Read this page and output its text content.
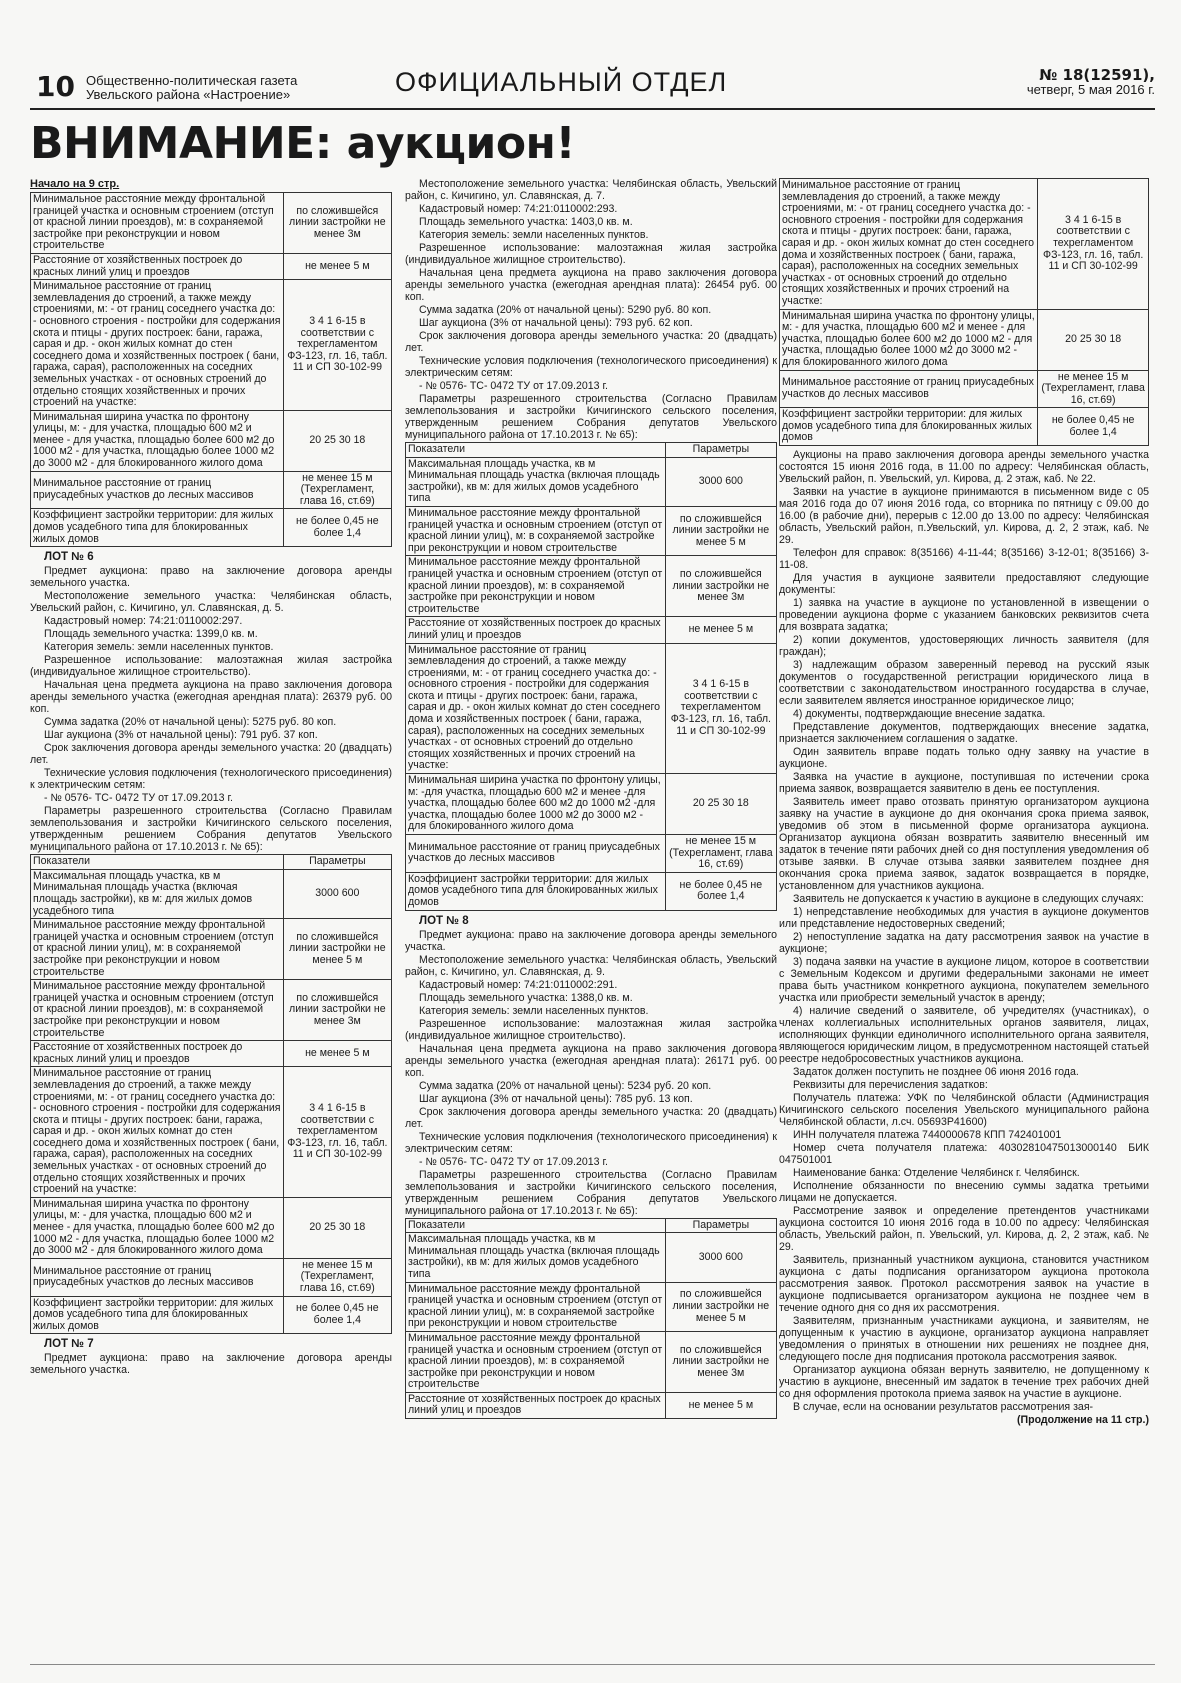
10 Общественно-политическая газета
Увельского района «Настроение»	ОФИЦИАЛЬНЫЙ ОТДЕЛ	№ 18(12591),
четверг, 5 мая 2016 г.
ВНИМАНИЕ: аукцион!
Начало на 9 стр.
Минимальное расстояние между фронтальной границей участка и основным строением (отступ от красной линии проездов), м: в сохраняемой застройке при реконструкции и новом строительстве	по сложившейся линии застройки не менее 3м
Расстояние от хозяйственных построек до красных линий улиц и проездов	не менее 5 м
Минимальное расстояние от границ землевладения до строений, а также между строениями, м: - от границ соседнего участка до: - основного строения - постройки для содержания скота и птицы - других построек: бани, гаража, сарая и др. - окон жилых комнат до стен соседнего дома и хозяйственных построек ( бани, гаража, сарая), расположенных на соседних земельных участках - от основных строений до отдельно стоящих хозяйственных и прочих строений на участке:	3 4 1 6-15 в соответствии с техрегламентом ФЗ-123, гл. 16, табл. 11 и СП 30-102-99
Минимальная ширина участка по фронтону улицы, м: - для участка, площадью 600 м2 и менее - для участка, площадью более 600 м2 до 1000 м2 - для участка, площадью более 1000 м2 до 3000 м2 - для блокированного жилого дома	20 25 30 18
Минимальное расстояние от границ приусадебных участков до лесных массивов	не менее 15 м (Техрегламент, глава 16, ст.69)
Коэффициент застройки территории: для жилых домов усадебного типа для блокированных жилых домов	не более 0,45 не более 1,4
ЛОТ № 6

Предмет аукциона: право на заключение договора аренды земельного участка.

Местоположение земельного участка: Челябинская область, Увельский район, с. Кичигино, ул. Славянская, д. 5.

Кадастровый номер: 74:21:0110002:297.

Площадь земельного участка: 1399,0 кв. м.

Категория земель: земли населенных пунктов.

Разрешенное использование: малоэтажная жилая застройка (индивидуальное жилищное строительство).

Начальная цена предмета аукциона на право заключения договора аренды земельного участка (ежегодная арендная плата): 26379 руб. 00 коп.

Сумма задатка (20% от начальной цены): 5275 руб. 80 коп.

Шаг аукциона (3% от начальной цены): 791 руб. 37 коп.

Срок заключения договора аренды земельного участка: 20 (двадцать) лет.

Технические условия подключения (технологического присоединения) к электрическим сетям:

- № 0576- ТС- 0472 ТУ от 17.09.2013 г.

Параметры разрешенного строительства (Согласно Правилам землепользования и застройки Кичигинского сельского поселения, утвержденным решением Собрания депутатов Увельского муниципального района от 17.10.2013 г. № 65):

Показатели	Параметры
Максимальная площадь участка, кв м Минимальная площадь участка (включая площадь застройки), кв м: для жилых домов усадебного типа	3000 600
Минимальное расстояние между фронтальной границей участка и основным строением (отступ от красной линии улиц), м: в сохраняемой застройке при реконструкции и новом строительстве	по сложившейся линии застройки не менее 5 м
Минимальное расстояние между фронтальной границей участка и основным строением (отступ от красной линии проездов), м: в сохраняемой застройке при реконструкции и новом строительстве	по сложившейся линии застройки не менее 3м
Расстояние от хозяйственных построек до красных линий улиц и проездов	не менее 5 м
Минимальное расстояние от границ землевладения до строений, а также между строениями, м: - от границ соседнего участка до: - основного строения - постройки для содержания скота и птицы - других построек: бани, гаража, сарая и др. - окон жилых комнат до стен соседнего дома и хозяйственных построек ( бани, гаража, сарая), расположенных на соседних земельных участках - от основных строений до отдельно стоящих хозяйственных и прочих строений на участке:	3 4 1 6-15 в соответствии с техрегламентом ФЗ-123, гл. 16, табл. 11 и СП 30-102-99
Минимальная ширина участка по фронтону улицы, м: - для участка, площадью 600 м2 и менее - для участка, площадью более 600 м2 до 1000 м2 - для участка, площадью более 1000 м2 до 3000 м2 - для блокированного жилого дома	20 25 30 18
Минимальное расстояние от границ приусадебных участков до лесных массивов	не менее 15 м (Техрегламент, глава 16, ст.69)
Коэффициент застройки территории: для жилых домов усадебного типа для блокированных жилых домов	не более 0,45 не более 1,4
ЛОТ № 7

Предмет аукциона: право на заключение договора аренды земельного участка.

Местоположение земельного участка: Челябинская область, Увельский район, с. Кичигино, ул. Славянская, д. 7.

Кадастровый номер: 74:21:0110002:293.

Площадь земельного участка: 1403,0 кв. м.

Категория земель: земли населенных пунктов.

Разрешенное использование: малоэтажная жилая застройка (индивидуальное жилищное строительство).

Начальная цена предмета аукциона на право заключения договора аренды земельного участка (ежегодная арендная плата): 26454 руб. 00 коп.

Сумма задатка (20% от начальной цены): 5290 руб. 80 коп.

Шаг аукциона (3% от начальной цены): 793 руб. 62 коп.

Срок заключения договора аренды земельного участка: 20 (двадцать) лет.

Технические условия подключения (технологического присоединения) к электрическим сетям:

- № 0576- ТС- 0472 ТУ от 17.09.2013 г.

Параметры разрешенного строительства (Согласно Правилам землепользования и застройки Кичигинского сельского поселения, утвержденным решением Собрания депутатов Увельского муниципального района от 17.10.2013 г. № 65):

Показатели	Параметры
Максимальная площадь участка, кв м Минимальная площадь участка (включая площадь застройки), кв м: для жилых домов усадебного типа	3000 600
Минимальное расстояние между фронтальной границей участка и основным строением (отступ от красной линии улиц), м: в сохраняемой застройке при реконструкции и новом строительстве	по сложившейся линии застройки не менее 5 м
Минимальное расстояние между фронтальной границей участка и основным строением (отступ от красной линии проездов), м: в сохраняемой застройке при реконструкции и новом строительстве	по сложившейся линии застройки не менее 3м
Расстояние от хозяйственных построек до красных линий улиц и проездов	не менее 5 м
Минимальное расстояние от границ землевладения до строений, а также между строениями, м: - от границ соседнего участка до: - основного строения - постройки для содержания скота и птицы - других построек: бани, гаража, сарая и др. - окон жилых комнат до стен соседнего дома и хозяйственных построек ( бани, гаража, сарая), расположенных на соседних земельных участках - от основных строений до отдельно стоящих хозяйственных и прочих строений на участке:	3 4 1 6-15 в соответствии с техрегламентом ФЗ-123, гл. 16, табл. 11 и СП 30-102-99
Минимальная ширина участка по фронтону улицы, м: -для участка, площадью 600 м2 и менее -для участка, площадью более 600 м2 до 1000 м2 -для участка, площадью более 1000 м2 до 3000 м2 - для блокированного жилого дома	20 25 30 18
Минимальное расстояние от границ приусадебных участков до лесных массивов	не менее 15 м (Техрегламент, глава 16, ст.69)
Коэффициент застройки территории: для жилых домов усадебного типа для блокированных жилых домов	не более 0,45 не более 1,4
ЛОТ № 8

Предмет аукциона: право на заключение договора аренды земельного участка.

Местоположение земельного участка: Челябинская область, Увельский район, с. Кичигино, ул. Славянская, д. 9.

Кадастровый номер: 74:21:0110002:291.

Площадь земельного участка: 1388,0 кв. м.

Категория земель: земли населенных пунктов.

Разрешенное использование: малоэтажная жилая застройка (индивидуальное жилищное строительство).

Начальная цена предмета аукциона на право заключения договора аренды земельного участка (ежегодная арендная плата): 26171 руб. 00 коп.

Сумма задатка (20% от начальной цены): 5234 руб. 20 коп.

Шаг аукциона (3% от начальной цены): 785 руб. 13 коп.

Срок заключения договора аренды земельного участка: 20 (двадцать) лет.

Технические условия подключения (технологического присоединения) к электрическим сетям:

- № 0576- ТС- 0472 ТУ от 17.09.2013 г.

Параметры разрешенного строительства (Согласно Правилам землепользования и застройки Кичигинского сельского поселения, утвержденным решением Собрания депутатов Увельского муниципального района от 17.10.2013 г. № 65):

Показатели	Параметры
Максимальная площадь участка, кв м Минимальная площадь участка (включая площадь застройки), кв м: для жилых домов усадебного типа	3000 600
Минимальное расстояние между фронтальной границей участка и основным строением (отступ от красной линии улиц), м: в сохраняемой застройке при реконструкции и новом строительстве	по сложившейся линии застройки не менее 5 м
Минимальное расстояние между фронтальной границей участка и основным строением (отступ от красной линии проездов), м: в сохраняемой застройке при реконструкции и новом строительстве	по сложившейся линии застройки не менее 3м
Расстояние от хозяйственных построек до красных линий улиц и проездов	не менее 5 м
Минимальное расстояние от границ землевладения до строений, а также между строениями, м: - от границ соседнего участка до: - основного строения - постройки для содержания скота и птицы - других построек: бани, гаража, сарая и др. - окон жилых комнат до стен соседнего дома и хозяйственных построек ( бани, гаража, сарая), расположенных на соседних земельных участках - от основных строений до отдельно стоящих хозяйственных и прочих строений на участке:	3 4 1 6-15 в соответствии с техрегламентом ФЗ-123, гл. 16, табл. 11 и СП 30-102-99
Минимальная ширина участка по фронтону улицы, м: - для участка, площадью 600 м2 и менее - для участка, площадью более 600 м2 до 1000 м2 - для участка, площадью более 1000 м2 до 3000 м2 - для блокированного жилого дома	20 25 30 18
Минимальное расстояние от границ приусадебных участков до лесных массивов	не менее 15 м (Техрегламент, глава 16, ст.69)
Коэффициент застройки территории: для жилых домов усадебного типа для блокированных жилых домов	не более 0,45 не более 1,4

Аукционы на право заключения договора аренды земельного участка состоятся 15 июня 2016 года, в 11.00 по адресу: Челябинская область, Увельский район, п. Увельский, ул. Кирова, д. 2 этаж, каб. № 22.

Заявки на участие в аукционе принимаются в письменном виде с 05 мая 2016 года до 07 июня 2016 года, со вторника по пятницу с 09.00 до 16.00 (в рабочие дни), перерыв с 12.00 до 13.00 по адресу: Челябинская область, Увельский район, п.Увельский, ул. Кирова, д. 2, 2 этаж, каб. № 29.

Телефон для справок: 8(35166) 4-11-44; 8(35166) 3-12-01; 8(35166) 3-11-08.

Для участия в аукционе заявители предоставляют следующие документы:

1) заявка на участие в аукционе по установленной в извещении о проведении аукциона форме с указанием банковских реквизитов счета для возврата задатка;

2) копии документов, удостоверяющих личность заявителя (для граждан);

3) надлежащим образом заверенный перевод на русский язык документов о государственной регистрации юридического лица в соответствии с законодательством иностранного государства в случае, если заявителем является иностранное юридическое лицо;

4) документы, подтверждающие внесение задатка.

Представление документов, подтверждающих внесение задатка, признается заключением соглашения о задатке.

Один заявитель вправе подать только одну заявку на участие в аукционе.

Заявка на участие в аукционе, поступившая по истечении срока приема заявок, возвращается заявителю в день ее поступления.

Заявитель имеет право отозвать принятую организатором аукциона заявку на участие в аукционе до дня окончания срока приема заявок, уведомив об этом в письменной форме организатора аукциона. Организатор аукциона обязан возвратить заявителю внесенный им задаток в течение пяти рабочих дней со дня поступления уведомления об отзыве заявки. В случае отзыва заявки заявителем позднее дня окончания срока приема заявок, задаток возвращается в порядке, установленном для участников аукциона.

Заявитель не допускается к участию в аукционе в следующих случаях:

1) непредставление необходимых для участия в аукционе документов или представление недостоверных сведений;

2) непоступление задатка на дату рассмотрения заявок на участие в аукционе;

3) подача заявки на участие в аукционе лицом, которое в соответствии с Земельным Кодексом и другими федеральными законами не имеет права быть участником конкретного аукциона, покупателем земельного участка или приобрести земельный участок в аренду;

4) наличие сведений о заявителе, об учредителях (участниках), о членах коллегиальных исполнительных органов заявителя, лицах, исполняющих функции единоличного исполнительного органа заявителя, являющегося юридическим лицом, в предусмотренном настоящей статьей реестре недобросовестных участников аукциона.

Задаток должен поступить не позднее 06 июня 2016 года.

Реквизиты для перечисления задатков:

Получатель платежа: УФК по Челябинской области (Администрация Кичигинского сельского поселения Увельского муниципального района Челябинской области, л.сч. 05693P41600)

ИНН получателя платежа 7440000678 КПП 742401001

Номер счета получателя платежа: 40302810475013000140 БИК 047501001

Наименование банка: Отделение Челябинск г. Челябинск.

Исполнение обязанности по внесению суммы задатка третьими лицами не допускается.

Рассмотрение заявок и определение претендентов участниками аукциона состоится 10 июня 2016 года в 10.00 по адресу: Челябинская область, Увельский район, п. Увельский, ул. Кирова, д. 2, 2 этаж, каб. № 29.

Заявитель, признанный участником аукциона, становится участником аукциона с даты подписания организатором аукциона протокола рассмотрения заявок. Протокол рассмотрения заявок на участие в аукционе подписывается организатором аукциона не позднее чем в течение одного дня со дня их рассмотрения.

Заявителям, признанным участниками аукциона, и заявителям, не допущенным к участию в аукционе, организатор аукциона направляет уведомления о принятых в отношении них решениях не позднее дня, следующего после дня подписания протокола рассмотрения заявок.

Организатор аукциона обязан вернуть заявителю, не допущенному к участию в аукционе, внесенный им задаток в течение трех рабочих дней со дня оформления протокола приема заявок на участие в аукционе.

В случае, если на основании результатов рассмотрения зая-

(Продолжение на 11 стр.)
